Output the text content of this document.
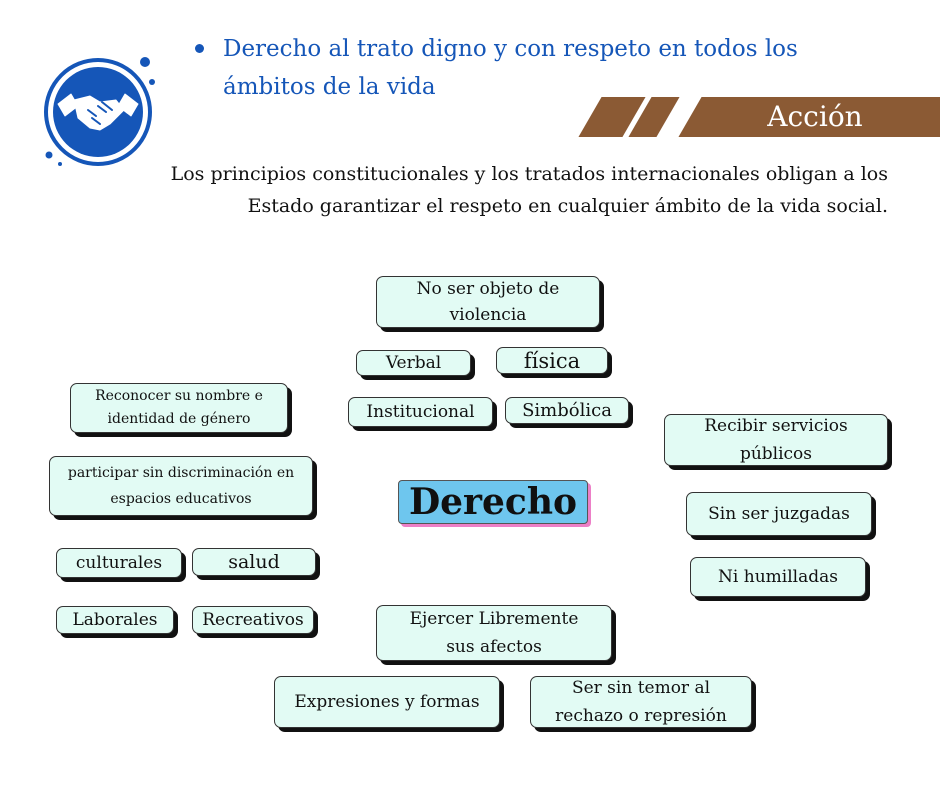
Derecho al trato digno y con respeto en todos los ámbitos de la vida
Acción
Los principios constitucionales y los tratados internacionales obligan a los Estado garantizar el respeto en cualquier ámbito de la vida social.
No ser objeto de violencia
Verbal	física
Institucional	Simbólica
Reconocer su nombre e identidad de género
participar sin discriminación en espacios educativos
Recibir servicios públicos
Sin ser juzgadas
Ni humilladas
Derecho
culturales	salud
Laborales	Recreativos	Ejercer Libremente sus afectos
Expresiones y formas
Ser sin temor al rechazo o represión
